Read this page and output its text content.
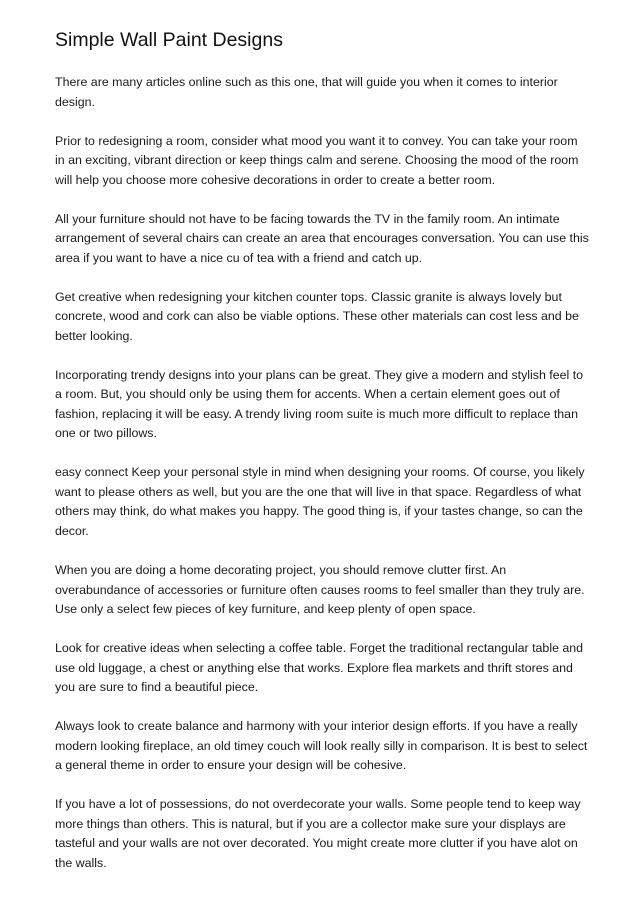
Simple Wall Paint Designs

There are many articles online such as this one, that will guide you when it comes to interior design.

Prior to redesigning a room, consider what mood you want it to convey. You can take your room in an exciting, vibrant direction or keep things calm and serene. Choosing the mood of the room will help you choose more cohesive decorations in order to create a better room.

All your furniture should not have to be facing towards the TV in the family room. An intimate arrangement of several chairs can create an area that encourages conversation. You can use this area if you want to have a nice cu of tea with a friend and catch up.

Get creative when redesigning your kitchen counter tops. Classic granite is always lovely but concrete, wood and cork can also be viable options. These other materials can cost less and be better looking.

Incorporating trendy designs into your plans can be great. They give a modern and stylish feel to a room. But, you should only be using them for accents. When a certain element goes out of fashion, replacing it will be easy. A trendy living room suite is much more difficult to replace than one or two pillows.

easy connect Keep your personal style in mind when designing your rooms. Of course, you likely want to please others as well, but you are the one that will live in that space. Regardless of what others may think, do what makes you happy. The good thing is, if your tastes change, so can the decor.

When you are doing a home decorating project, you should remove clutter first. An overabundance of accessories or furniture often causes rooms to feel smaller than they truly are. Use only a select few pieces of key furniture, and keep plenty of open space.

Look for creative ideas when selecting a coffee table. Forget the traditional rectangular table and use old luggage, a chest or anything else that works. Explore flea markets and thrift stores and you are sure to find a beautiful piece.

Always look to create balance and harmony with your interior design efforts. If you have a really modern looking fireplace, an old timey couch will look really silly in comparison. It is best to select a general theme in order to ensure your design will be cohesive.

If you have a lot of possessions, do not overdecorate your walls. Some people tend to keep way more things than others. This is natural, but if you are a collector make sure your displays are tasteful and your walls are not over decorated. You might create more clutter if you have alot on the walls.
